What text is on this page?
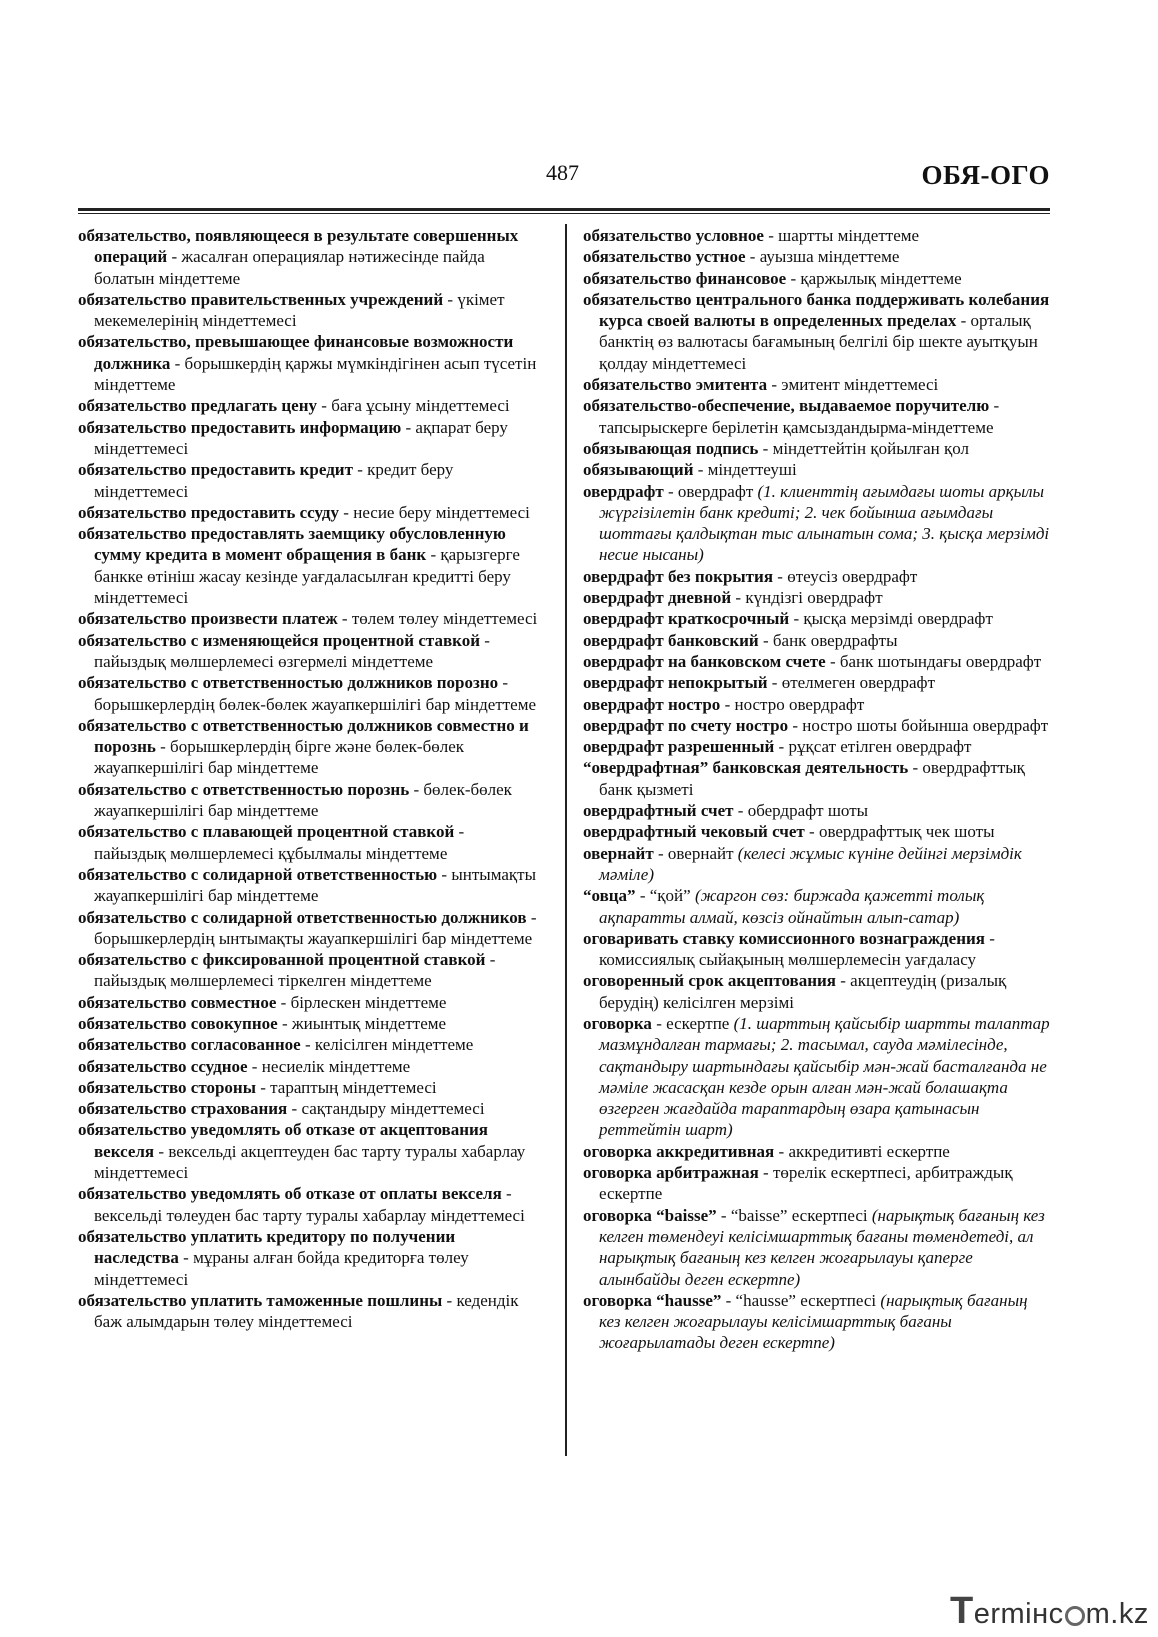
487	ОБЯ-ОГО

обязательство, появляющееся в результате совершенных операций - жасалған операциялар нәтижесінде пайда болатын міндеттеме

обязательство правительственных учреждений - үкімет мекемелерінің міндеттемесі

обязательство, превышающее финансовые возможности должника - борышкердің қаржы мүмкіндігінен асып түсетін міндеттеме

обязательство предлагать цену - баға ұсыну міндеттемесі

обязательство предоставить информацию - ақпарат беру міндеттемесі

обязательство предоставить кредит - кредит беру міндеттемесі

обязательство предоставить ссуду - несие беру міндеттемесі

обязательство предоставлять заемщику обусловленную сумму кредита в момент обращения в банк - қарызгерге банкке өтініш жасау кезінде уағдаласылған кредитті беру міндеттемесі

обязательство произвести платеж - төлем төлеу міндеттемесі

обязательство с изменяющейся процентной ставкой - пайыздық мөлшерлемесі өзгермелі міндеттеме

обязательство с ответственностью должников порозно - борышкерлердің бөлек-бөлек жауапкершілігі бар міндеттеме

обязательство с ответственностью должников совместно и порознь - борышкерлердің бірге және бөлек-бөлек жауапкершілігі бар міндеттеме

обязательство с ответственностью порознь - бөлек-бөлек жауапкершілігі бар міндеттеме

обязательство с плавающей процентной ставкой - пайыздық мөлшерлемесі құбылмалы міндеттеме

обязательство с солидарной ответственностью - ынтымақты жауапкершілігі бар міндеттеме

обязательство с солидарной ответственностью должников - борышкерлердің ынтымақты жауапкершілігі бар міндеттеме

обязательство с фиксированной процентной ставкой - пайыздық мөлшерлемесі тіркелген міндеттеме

обязательство совместное - бірлескен міндеттеме

обязательство совокупное - жиынтық міндеттеме

обязательство согласованное - келісілген міндеттеме

обязательство ссудное - несиелік міндеттеме

обязательство стороны - тараптың міндеттемесі

обязательство страхования - сақтандыру міндеттемесі

обязательство уведомлять об отказе от акцептования векселя - вексельді акцептеуден бас тарту туралы хабарлау міндеттемесі

обязательство уведомлять об отказе от оплаты векселя - вексельді төлеуден бас тарту туралы хабарлау міндеттемесі

обязательство уплатить кредитору по получении наследства - мұраны алған бойда кредиторға төлеу міндеттемесі

обязательство уплатить таможенные пошлины - кедендік баж алымдарын төлеу міндеттемесі

обязательство условное - шартты міндеттеме

обязательство устное - ауызша міндеттеме

обязательство финансовое - қаржылық міндеттеме

обязательство центрального банка поддерживать колебания курса своей валюты в определенных пределах - орталық банктің өз валютасы бағамының белгілі бір шекте ауытқуын қолдау міндеттемесі

обязательство эмитента - эмитент міндеттемесі

обязательство-обеспечение, выдаваемое поручителю - тапсырыскерге берілетін қамсыздандырма-міндеттеме

обязывающая подпись - міндеттейтін қойылған қол

обязывающий - міндеттеуші

овердрафт - овердрафт (1. клиенттің ағымдағы шоты арқылы жүргізілетін банк кредиті; 2. чек бойынша ағымдағы шоттағы қалдықтан тыс алынатын сома; 3. қысқа мерзімді несие нысаны)

овердрафт без покрытия - өтеусіз овердрафт

овердрафт дневной - күндізгі овердрафт

овердрафт краткосрочный - қысқа мерзімді овердрафт

овердрафт банковский - банк овердрафты

овердрафт на банковском счете - банк шотындағы овердрафт

овердрафт непокрытый - өтелмеген овердрафт

овердрафт ностро - ностро овердрафт

овердрафт по счету ностро - ностро шоты бойынша овердрафт

овердрафт разрешенный - рұқсат етілген овердрафт

“овердрафтная” банковская деятельность - овердрафттық банк қызметі

овердрафтный счет - обердрафт шоты

овердрафтный чековый счет - овердрафттық чек шоты

овернайт - овернайт (келесі жұмыс күніне дейінгі мерзімдік мәміле)

“овца” - “қой” (жаргон сөз: биржада қажетті толық ақпаратты алмай, көзсіз ойнайтын алып-сатар)

оговаривать ставку комиссионного вознаграждения - комиссиялық сыйақының мөлшерлемесін уағдаласу

оговоренный срок акцептования - акцептеудің (ризалық берудің) келісілген мерзімі

оговорка - ескертпе (1. шарттың қайсыбір шартты талаптар мазмұндалған тармағы; 2. тасымал, сауда мәмілесінде, сақтандыру шартындағы қайсыбір мән-жай басталғанда не мәміле жасасқан кезде орын алған мән-жай болашақта өзгерген жағдайда тараптардың өзара қатынасын реттейтін шарт)

оговорка аккредитивная - аккредитивті ескертпе

оговорка арбитражная - төрелік ескертпесі, арбитраждық ескертпе

оговорка “baisse” - “baisse” ескертпесі (нарықтық бағаның кез келген төмендеуі келісімшарттық бағаны төмендетеді, ал нарықтық бағаның кез келген жоғарылауы қаперге алынбайды деген ескертпе)

оговорка “hausse” - “hausse” ескертпесі (нарықтық бағаның кез келген жоғарылауы келісімшарттық бағаны жоғарылатады деген ескертпе)

Termінс m.kz
